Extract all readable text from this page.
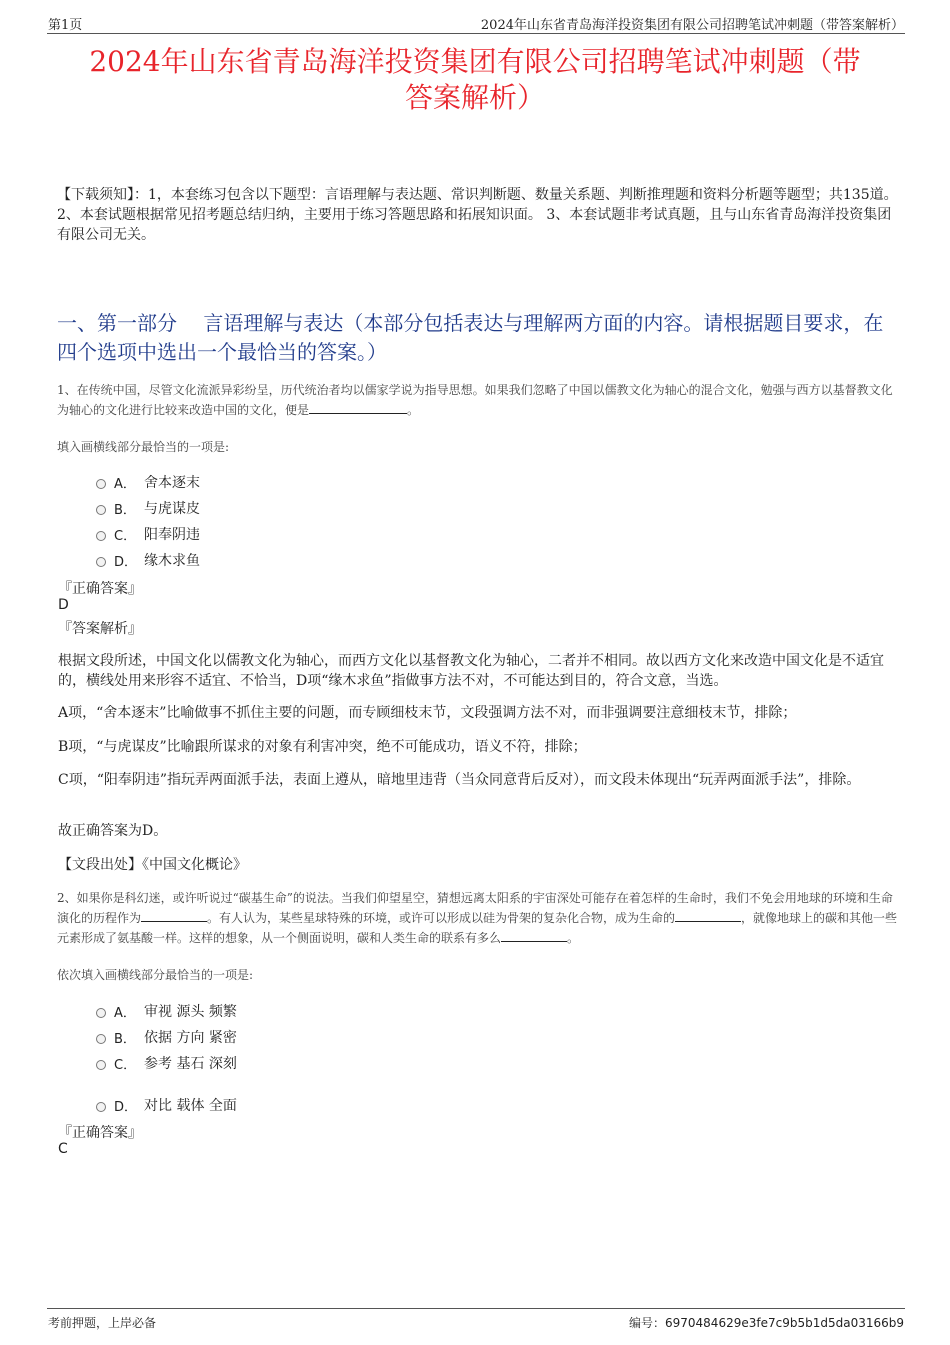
第1页	2024年山东省青岛海洋投资集团有限公司招聘笔试冲刺题（带答案解析）
2024年山东省青岛海洋投资集团有限公司招聘笔试冲刺题（带
答案解析）
【下载须知】：1，本套练习包含以下题型：言语理解与表达题、常识判断题、数量关系题、判断推理题和资料分析题等题型；共135道。 2、本套试题根据常见招考题总结归纳，主要用于练习答题思路和拓展知识面。 3、本套试题非考试真题，且与山东省青岛海洋投资集团有限公司无关。
一、第一部分　 言语理解与表达（本部分包括表达与理解两方面的内容。请根据题目要求，在四个选项中选出一个最恰当的答案。）
1、在传统中国，尽管文化流派异彩纷呈，历代统治者均以儒家学说为指导思想。如果我们忽略了中国以儒教文化为轴心的混合文化，勉强与西方以基督教文化为轴心的文化进行比较来改造中国的文化，便是	。
填入画横线部分最恰当的一项是:
A． 舍本逐末
B． 与虎谋皮
C． 阳奉阴违
D． 缘木求鱼
『正确答案』
D
『答案解析』
根据文段所述，中国文化以儒教文化为轴心，而西方文化以基督教文化为轴心，二者并不相同。故以西方文化来改造中国文化是不适宜的，横线处用来形容不适宜、不恰当，D项“缘木求鱼”指做事方法不对，不可能达到目的，符合文意，当选。
A项，“舍本逐末”比喻做事不抓住主要的问题，而专顾细枝末节，文段强调方法不对，而非强调要注意细枝末节，排除；
B项，“与虎谋皮”比喻跟所谋求的对象有利害冲突，绝不可能成功，语义不符，排除；
C项，“阳奉阴违”指玩弄两面派手法，表面上遵从，暗地里违背（当众同意背后反对），而文段未体现出“玩弄两面派手法”，排除。
故正确答案为D。
【文段出处】《中国文化概论》
2、如果你是科幻迷，或许听说过“碳基生命”的说法。当我们仰望星空，猜想远离太阳系的宇宙深处可能存在着怎样的生命时，我们不免会用地球的环境和生命演化的历程作为	。有人认为，某些星球特殊的环境，或许可以形成以硅为骨架的复杂化合物，成为生命的	，就像地球上的碳和其他一些元素形成了氨基酸一样。这样的想象，从一个侧面说明，碳和人类生命的联系有多么	。
依次填入画横线部分最恰当的一项是:
A． 审视 源头 频繁
B． 依据 方向 紧密
C． 参考 基石 深刻
D． 对比 载体 全面
『正确答案』
C
考前押题，上岸必备	编号：6970484629e3fe7c9b5b1d5da03166b9
